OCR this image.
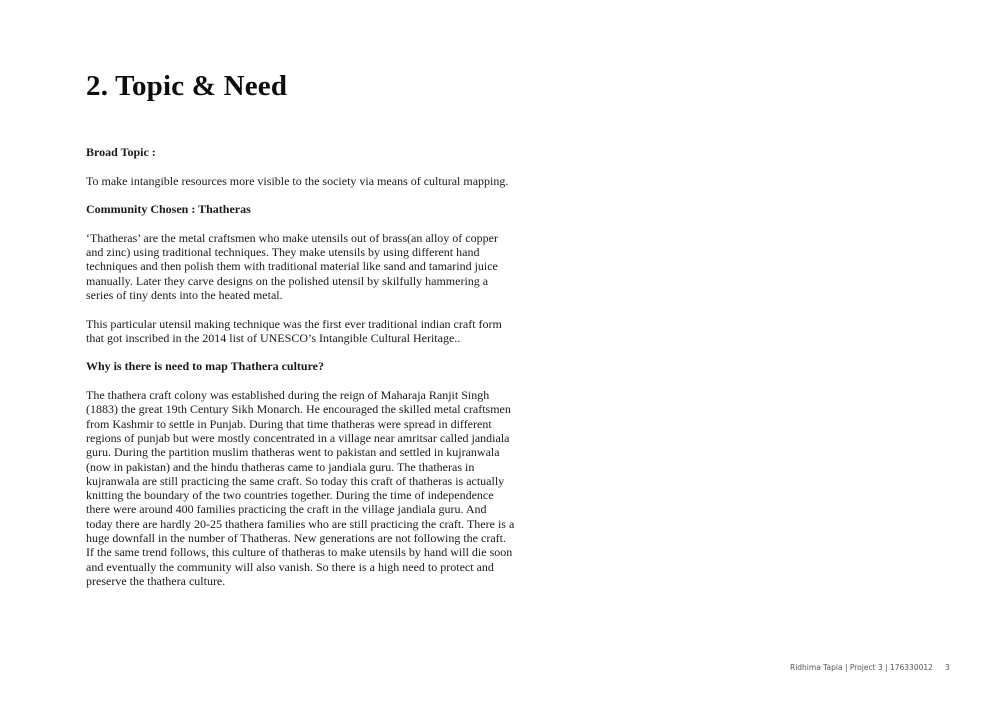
2. Topic & Need

Broad Topic :

To make intangible resources more visible to the society via means of cultural mapping.

Community Chosen : Thatheras

‘Thatheras’ are the metal craftsmen who make utensils out of brass(an alloy of copper

and zinc) using traditional techniques. They make utensils by using different hand

techniques and then polish them with traditional material like sand and tamarind juice

manually. Later they carve designs on the polished utensil by skilfully hammering a

series of tiny dents into the heated metal.

This particular utensil making technique was the first ever traditional indian craft form

that got inscribed in the 2014 list of UNESCO’s Intangible Cultural Heritage..

Why is there is need to map Thathera culture?

The thathera craft colony was established during the reign of Maharaja Ranjit Singh

(1883) the great 19th Century Sikh Monarch. He encouraged the skilled metal craftsmen

from Kashmir to settle in Punjab. During that time thatheras were spread in different

regions of punjab but were mostly concentrated in a village near amritsar called jandiala

guru. During the partition muslim thatheras went to pakistan and settled in kujranwala

(now in pakistan) and the hindu thatheras came to jandiala guru. The thatheras in

kujranwala are still practicing the same craft. So today this craft of thatheras is actually

knitting the boundary of the two countries together. During the time of independence

there were around 400 families practicing the craft in the village jandiala guru. And

today there are hardly 20-25 thathera families who are still practicing the craft. There is a

huge downfall in the number of Thatheras. New generations are not following the craft.

If the same trend follows, this culture of thatheras to make utensils by hand will die soon

and eventually the community will also vanish. So there is a high need to protect and

preserve the thathera culture.

Ridhima Tapia | Project 3 | 176330012 3
